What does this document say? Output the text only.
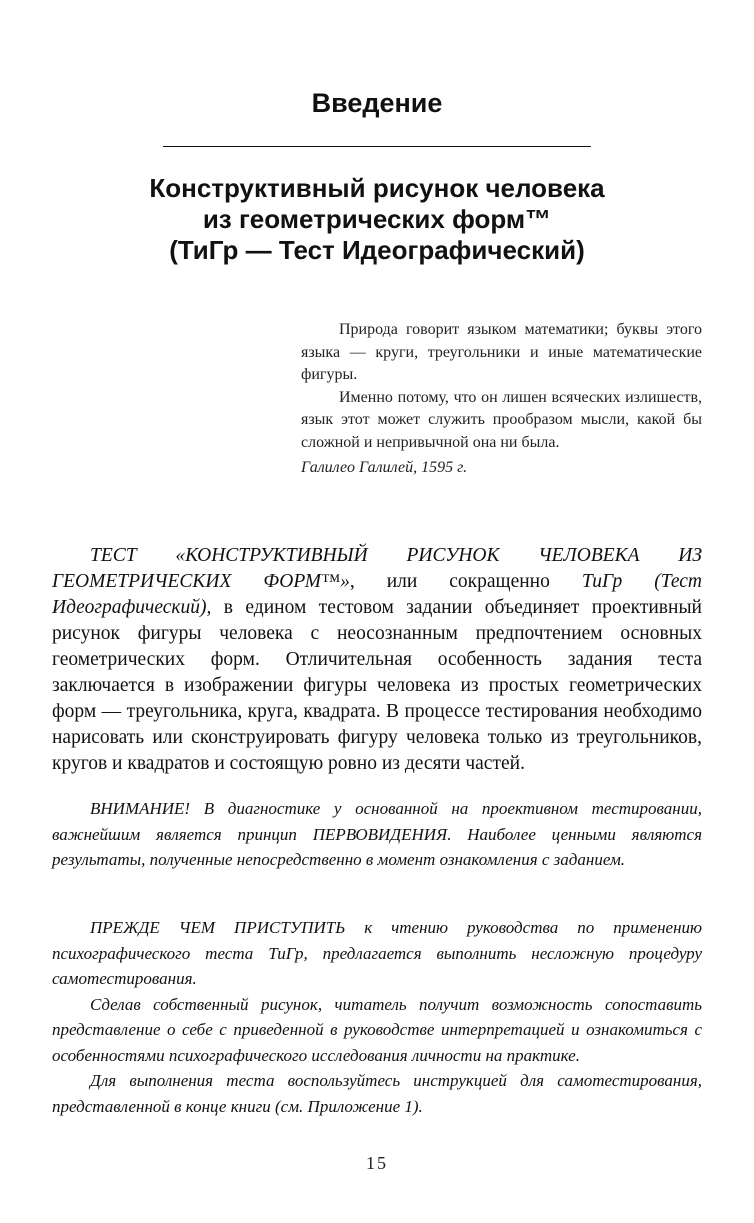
Введение
Конструктивный рисунок человека
из геометрических форм™
(ТиГр — Тест Идеографический)

Природа говорит языком математики; буквы этого языка — круги, треугольники и иные математические фигуры.

Именно потому, что он лишен всяческих излишеств, язык этот может служить прообразом мысли, какой бы сложной и непривычной она ни была.

Галилео Галилей, 1595 г.

ТЕСТ «КОНСТРУКТИВНЫЙ РИСУНОК ЧЕЛОВЕКА ИЗ ГЕОМЕТРИЧЕСКИХ ФОРМ™», или сокращенно ТиГр (Тест Идеографический), в едином тестовом задании объединяет проективный рисунок фигуры человека с неосознанным предпочтением основных геометрических форм. Отличительная особенность задания теста заключается в изображении фигуры человека из простых геометрических форм — треугольника, круга, квадрата. В процессе тестирования необходимо нарисовать или сконструировать фигуру человека только из треугольников, кругов и квадратов и состоящую ровно из десяти частей.

ВНИМАНИЕ! В диагностике у основанной на проективном тестировании, важнейшим является принцип ПЕРВОВИДЕНИЯ. Наиболее ценными являются результаты, полученные непосредственно в момент ознакомления с заданием.

ПРЕЖДЕ ЧЕМ ПРИСТУПИТЬ к чтению руководства по применению психографического теста ТиГр, предлагается выполнить несложную процедуру самотестирования.

Сделав собственный рисунок, читатель получит возможность сопоставить представление о себе с приведенной в руководстве интерпретацией и ознакомиться с особенностями психографического исследования личности на практике.

Для выполнения теста воспользуйтесь инструкцией для самотестирования, представленной в конце книги (см. Приложение 1).

15
